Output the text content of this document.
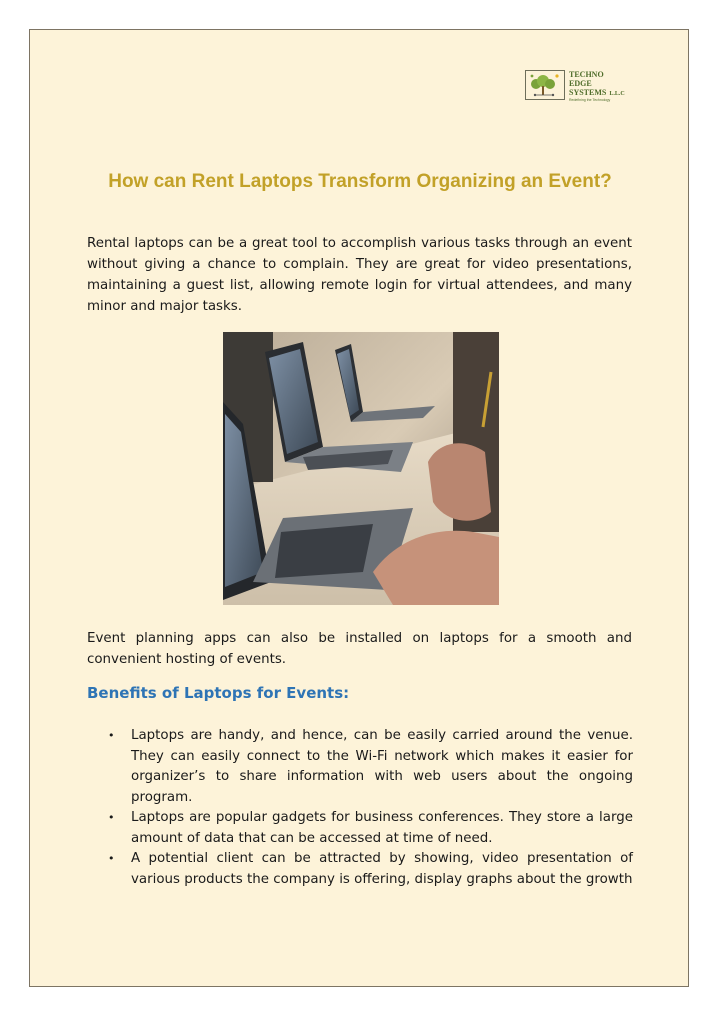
TECHNO
EDGE
SYSTEMS L.L.C
Redefining the Technology
How can Rent Laptops Transform Organizing an Event?

Rental laptops can be a great tool to accomplish various tasks through an event without giving a chance to complain. They are great for video presentations, maintaining a guest list, allowing remote login for virtual attendees, and many minor and major tasks.

Event planning apps can also be installed on laptops for a smooth and convenient hosting of events.

Benefits of Laptops for Events:
• Laptops are handy, and hence, can be easily carried around the venue. They can easily connect to the Wi-Fi network which makes it easier for organizer’s to share information with web users about the ongoing program.
• Laptops are popular gadgets for business conferences. They store a large amount of data that can be accessed at time of need.
• A potential client can be attracted by showing, video presentation of various products the company is offering, display graphs about the growth
